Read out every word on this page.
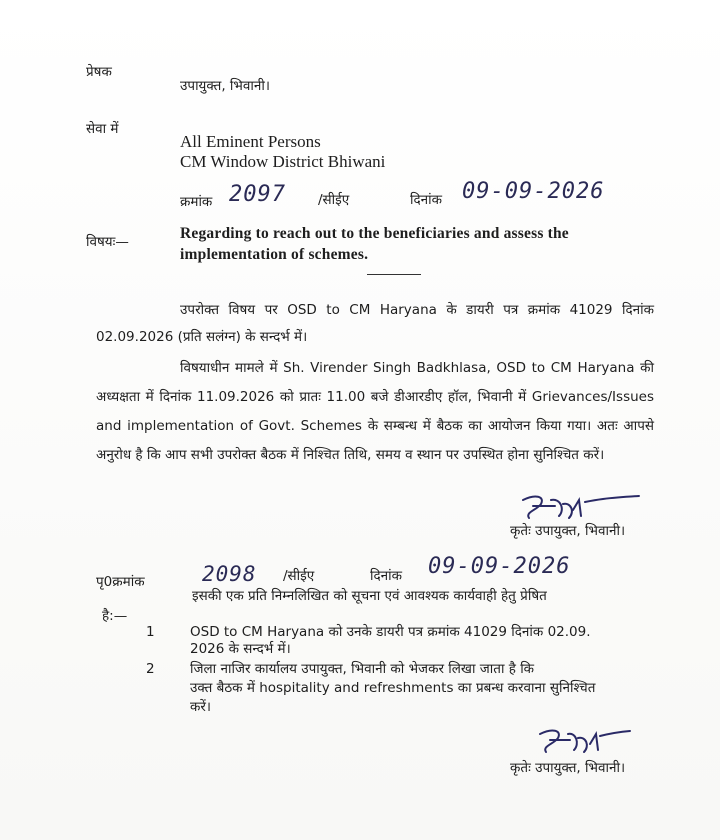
प्रेषक
उपायुक्त, भिवानी।
सेवा में
All Eminent Persons
CM Window District Bhiwani
क्रमांक 2097 /सीईए	दिनांक 09-09-2026
विषयः—	Regarding to reach out to the beneficiaries and assess the
implementation of schemes.
उपरोक्त विषय पर OSD to CM Haryana के डायरी पत्र क्रमांक 41029 दिनांक 02.09.2026 (प्रति सलंग्न) के सन्दर्भ में।
विषयाधीन मामले में Sh. Virender Singh Badkhlasa, OSD to CM Haryana की अध्यक्षता में दिनांक 11.09.2026 को प्रातः 11.00 बजे डीआरडीए हॉल, भिवानी में Grievances/Issues and implementation of Govt. Schemes के सम्बन्ध में बैठक का आयोजन किया गया। अतः आपसे अनुरोध है कि आप सभी उपरोक्त बैठक में निश्चित तिथि, समय व स्थान पर उपस्थित होना सुनिश्चित करें।
कृतेः उपायुक्त, भिवानी।
पृ0क्रमांक	2098 /सीईए	दिनांक 09-09-2026
इसकी एक प्रति निम्नलिखित को सूचना एवं आवश्यक कार्यवाही हेतु प्रेषित
है:—
1	OSD to CM Haryana को उनके डायरी पत्र क्रमांक 41029 दिनांक 02.09.
2026 के सन्दर्भ में।
2	जिला नाजिर कार्यालय उपायुक्त, भिवानी को भेजकर लिखा जाता है कि
उक्त बैठक में hospitality and refreshments का प्रबन्ध करवाना सुनिश्चित
करें।
कृतेः उपायुक्त, भिवानी।
